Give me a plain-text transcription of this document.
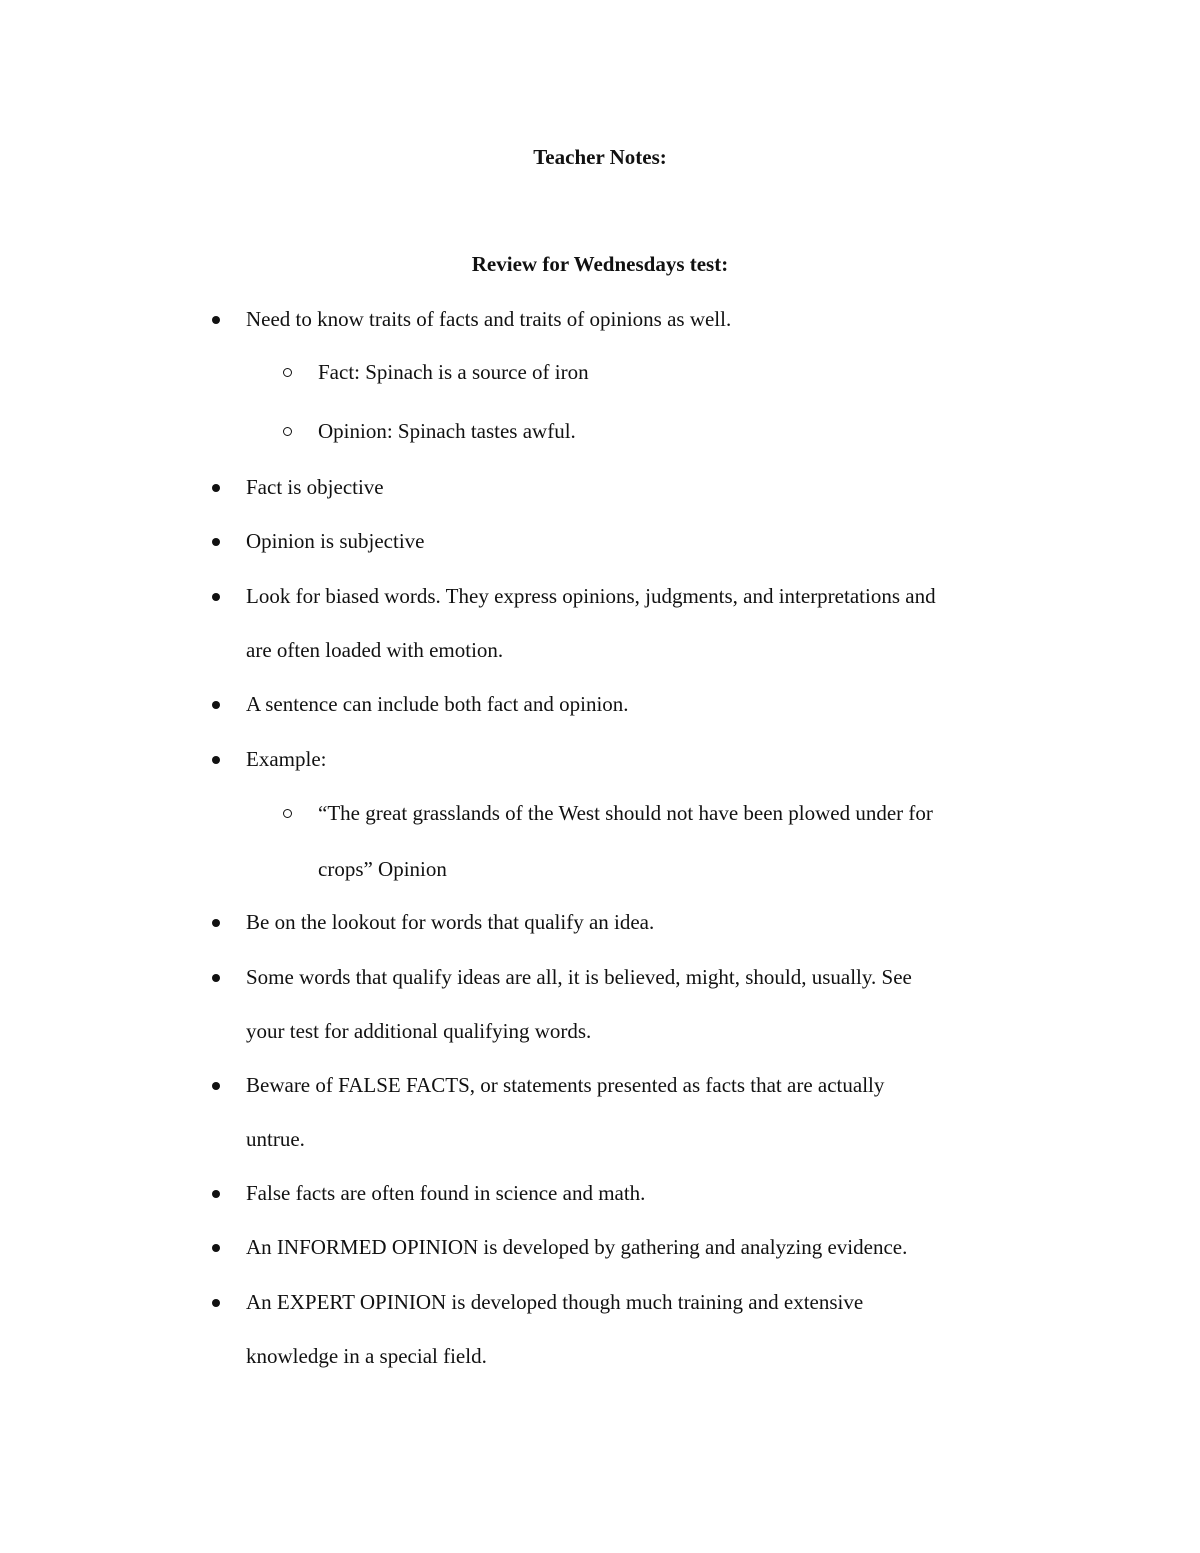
Teacher Notes:
Review for Wednesdays test:

Need to know traits of facts and traits of opinions as well.

Fact: Spinach is a source of iron

Opinion: Spinach tastes awful.

Fact is objective

Opinion is subjective

Look for biased words. They express opinions, judgments, and interpretations and

are often loaded with emotion.

A sentence can include both fact and opinion.

Example:

“The great grasslands of the West should not have been plowed under for

crops” Opinion

Be on the lookout for words that qualify an idea.

Some words that qualify ideas are all, it is believed, might, should, usually. See

your test for additional qualifying words.

Beware of FALSE FACTS, or statements presented as facts that are actually

untrue.

False facts are often found in science and math.

An INFORMED OPINION is developed by gathering and analyzing evidence.

An EXPERT OPINION is developed though much training and extensive

knowledge in a special field.
